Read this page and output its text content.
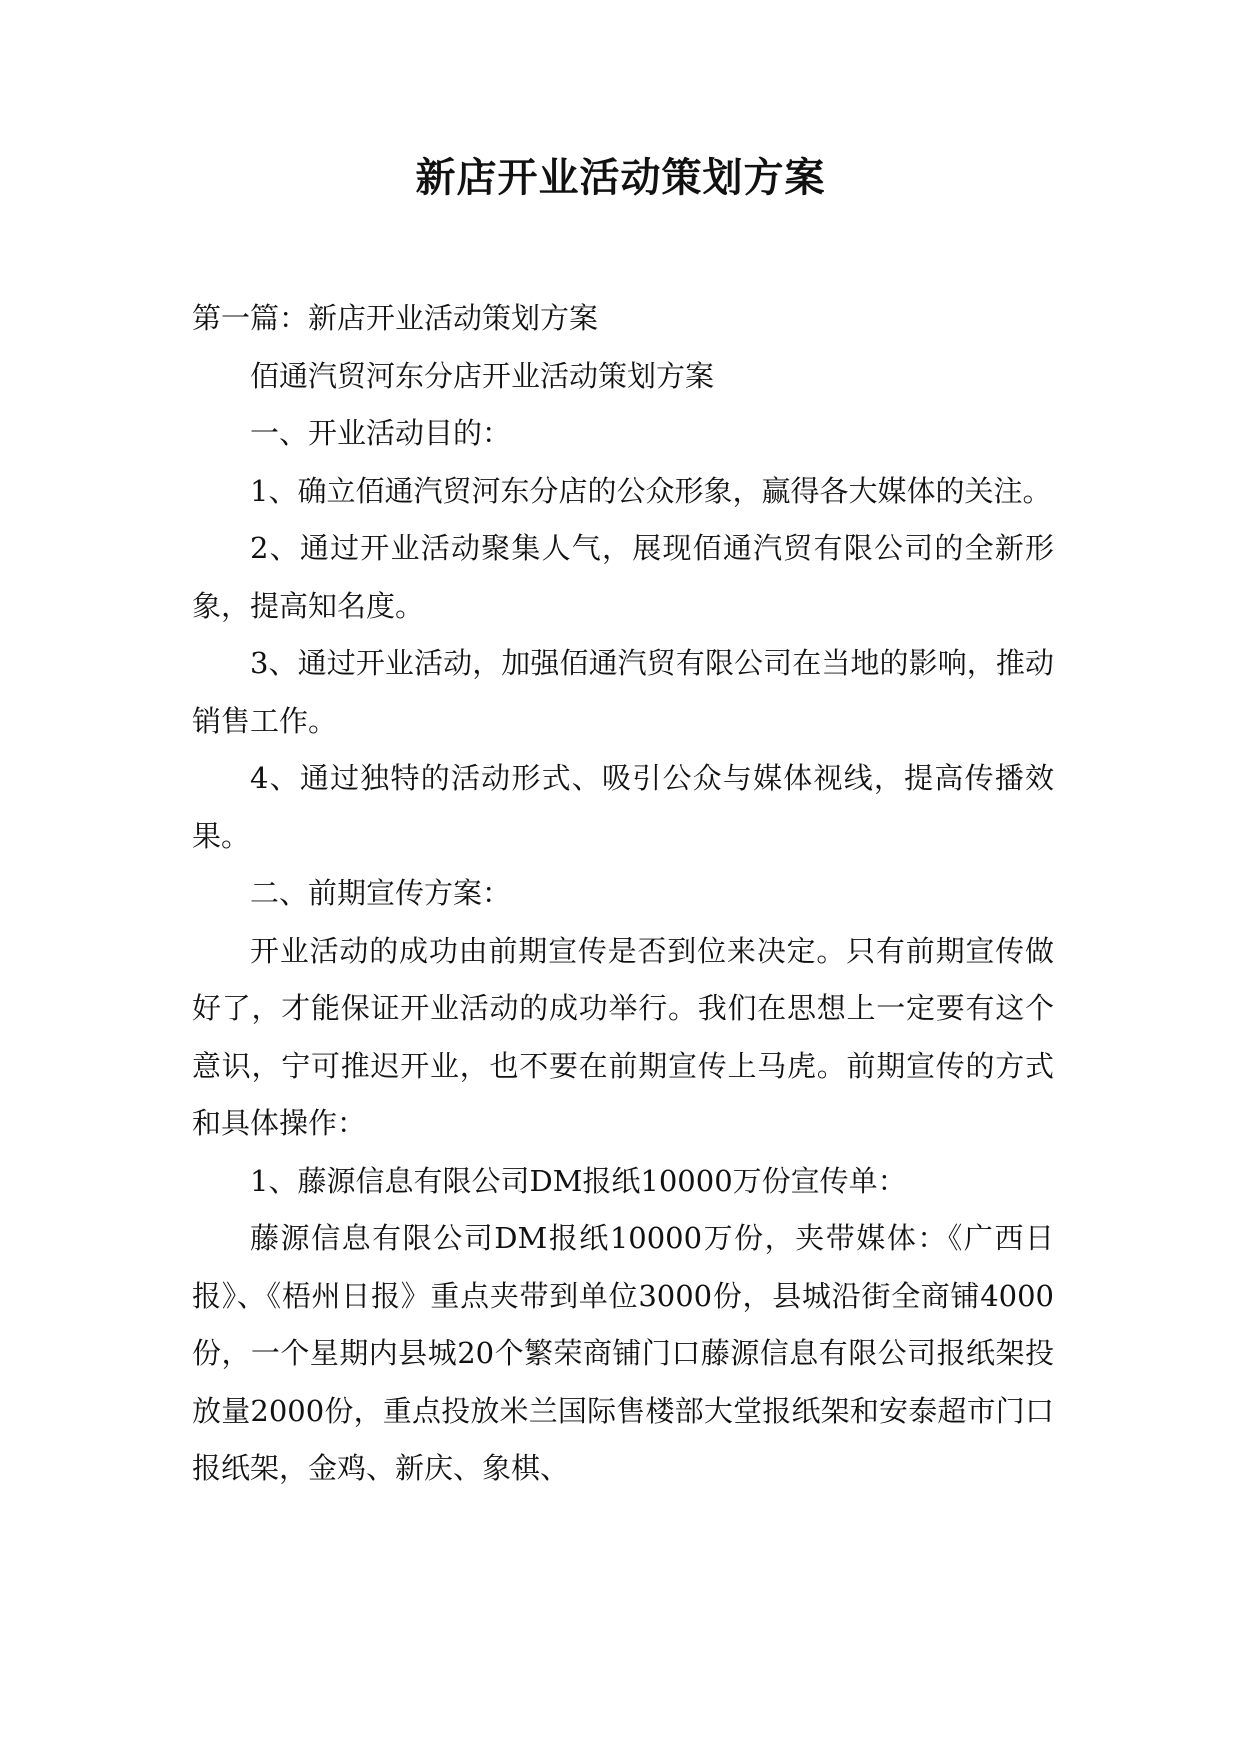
新店开业活动策划方案

第一篇：新店开业活动策划方案

佰通汽贸河东分店开业活动策划方案

一、开业活动目的：

1、确立佰通汽贸河东分店的公众形象，赢得各大媒体的关注。

2、通过开业活动聚集人气，展现佰通汽贸有限公司的全新形象，提高知名度。

3、通过开业活动，加强佰通汽贸有限公司在当地的影响，推动销售工作。

4、通过独特的活动形式、吸引公众与媒体视线，提高传播效果。

二、前期宣传方案：

开业活动的成功由前期宣传是否到位来决定。只有前期宣传做好了，才能保证开业活动的成功举行。我们在思想上一定要有这个意识，宁可推迟开业，也不要在前期宣传上马虎。前期宣传的方式和具体操作：

1、藤源信息有限公司DM报纸10000万份宣传单：

藤源信息有限公司DM报纸10000万份，夹带媒体：《广西日报》、《梧州日报》重点夹带到单位3000份，县城沿街全商铺4000份，一个星期内县城20个繁荣商铺门口藤源信息有限公司报纸架投放量2000份，重点投放米兰国际售楼部大堂报纸架和安泰超市门口报纸架，金鸡、新庆、象棋、
